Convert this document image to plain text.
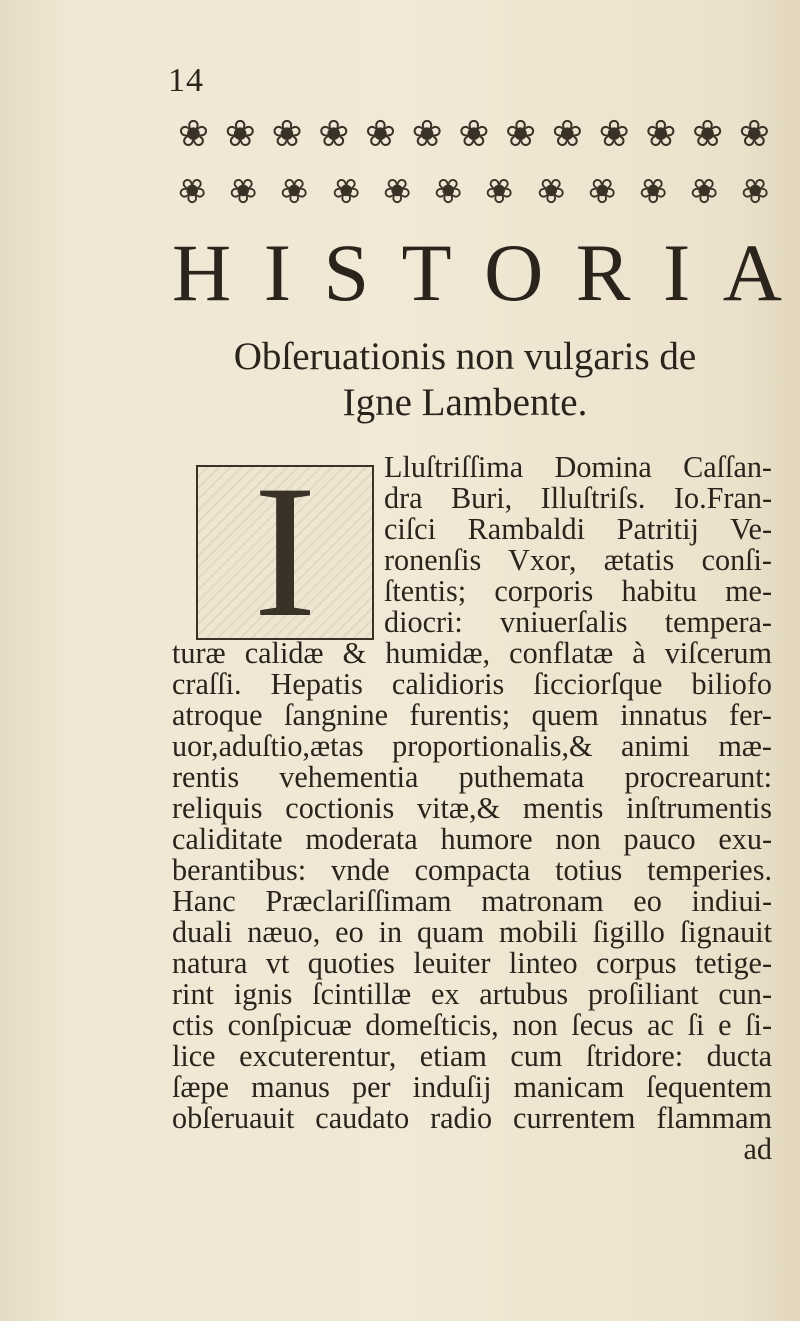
14
❀ ❀ ❀ ❀ ❀ ❀ ❀ ❀ ❀ ❀ ❀ ❀ ❀
❀ ❀ ❀ ❀ ❀ ❀ ❀ ❀ ❀ ❀ ❀ ❀
H I S T O R I A
Obſeruationis non vulgaris de
Igne Lambente.
I	Lluſtriſſima Domina Caſſan-
dra Buri, Illuſtriſs. Io.Fran-
ciſci Rambaldi Patritij Ve-
ronenſis Vxor, ætatis conſi-
ſtentis; corporis habitu me-
diocri: vniuerſalis tempera-
turæ calidæ & humidæ, conflatæ à viſcerum
craſſi. Hepatis calidioris ſicciorſque biliofo
atroque ſangnine furentis; quem innatus fer-
uor,aduſtio,ætas proportionalis,& animi mæ-
rentis vehementia puthemata procrearunt:
reliquis coctionis vitæ,& mentis inſtrumentis
caliditate moderata humore non pauco exu-
berantibus: vnde compacta totius temperies.
Hanc Præclariſſimam matronam eo indiui-
duali næuo, eo in quam mobili ſigillo ſignauit
natura vt quoties leuiter linteo corpus tetige-
rint ignis ſcintillæ ex artubus proſiliant cun-
ctis conſpicuæ domeſticis, non ſecus ac ſi e ſi-
lice excuterentur, etiam cum ſtridore: ducta
ſæpe manus per induſij manicam ſequentem
obſeruauit caudato radio currentem flammam
ad
